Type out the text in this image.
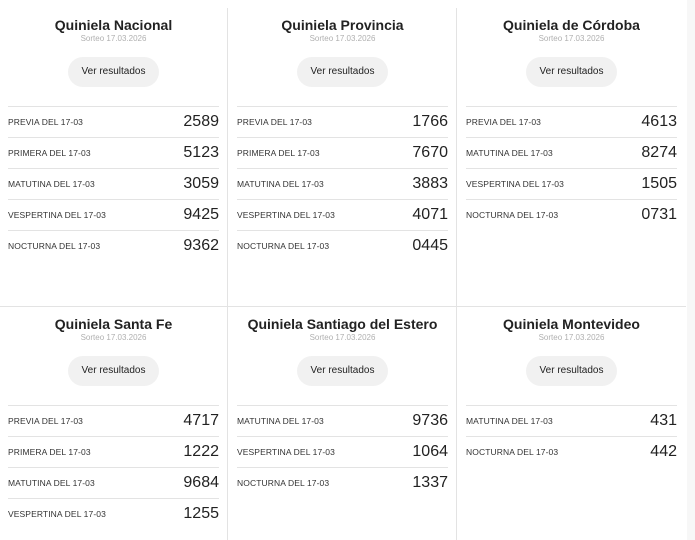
Quiniela Nacional
Sorteo 17.03.2026
Ver resultados
PREVIA DEL 17-03	2589
PRIMERA DEL 17-03	5123
MATUTINA DEL 17-03	3059
VESPERTINA DEL 17-03	9425
NOCTURNA DEL 17-03	9362
Quiniela Provincia
Sorteo 17.03.2026
Ver resultados
PREVIA DEL 17-03	1766
PRIMERA DEL 17-03	7670
MATUTINA DEL 17-03	3883
VESPERTINA DEL 17-03	4071
NOCTURNA DEL 17-03	0445
Quiniela de Córdoba
Sorteo 17.03.2026
Ver resultados
PREVIA DEL 17-03	4613
MATUTINA DEL 17-03	8274
VESPERTINA DEL 17-03	1505
NOCTURNA DEL 17-03	0731
Quiniela Santa Fe
Sorteo 17.03.2026
Ver resultados
PREVIA DEL 17-03	4717
PRIMERA DEL 17-03	1222
MATUTINA DEL 17-03	9684
VESPERTINA DEL 17-03	1255
Quiniela Santiago del Estero
Sorteo 17.03.2026
Ver resultados
MATUTINA DEL 17-03	9736
VESPERTINA DEL 17-03	1064
NOCTURNA DEL 17-03	1337
Quiniela Montevideo
Sorteo 17.03.2026
Ver resultados
MATUTINA DEL 17-03	431
NOCTURNA DEL 17-03	442
